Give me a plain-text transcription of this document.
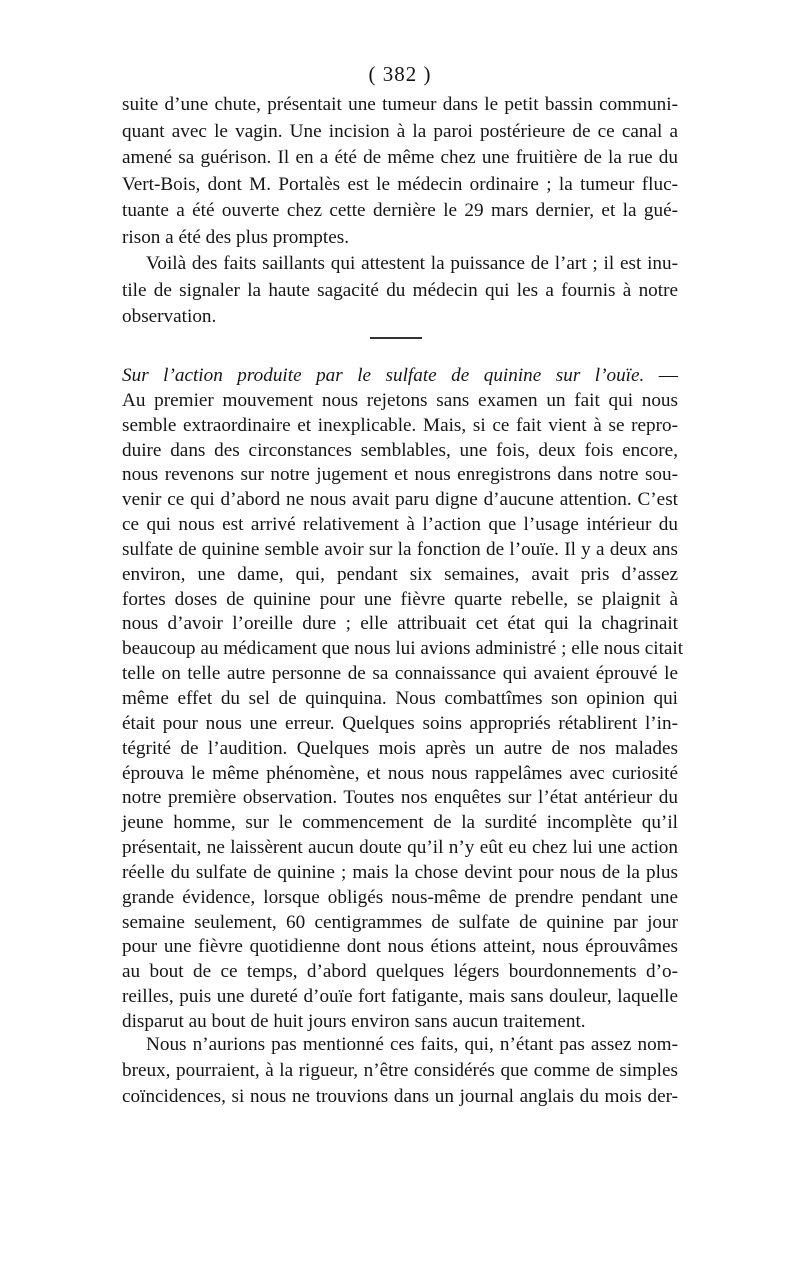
( 382 )
suite d’une chute, présentait une tumeur dans le petit bassin communi-
quant avec le vagin. Une incision à la paroi postérieure de ce canal a
amené sa guérison. Il en a été de même chez une fruitière de la rue du
Vert-Bois, dont M. Portalès est le médecin ordinaire ; la tumeur fluc-
tuante a été ouverte chez cette dernière le 29 mars dernier, et la gué-
rison a été des plus promptes.
Voilà des faits saillants qui attestent la puissance de l’art ; il est inu-
tile de signaler la haute sagacité du médecin qui les a fournis à notre
observation.
Sur l’action produite par le sulfate de quinine sur l’ouïe. —
Au premier mouvement nous rejetons sans examen un fait qui nous
semble extraordinaire et inexplicable. Mais, si ce fait vient à se repro-
duire dans des circonstances semblables, une fois, deux fois encore,
nous revenons sur notre jugement et nous enregistrons dans notre sou-
venir ce qui d’abord ne nous avait paru digne d’aucune attention. C’est
ce qui nous est arrivé relativement à l’action que l’usage intérieur du
sulfate de quinine semble avoir sur la fonction de l’ouïe. Il y a deux ans
environ, une dame, qui, pendant six semaines, avait pris d’assez
fortes doses de quinine pour une fièvre quarte rebelle, se plaignit à
nous d’avoir l’oreille dure ; elle attribuait cet état qui la chagrinait
beaucoup au médicament que nous lui avions administré ; elle nous citait
telle on telle autre personne de sa connaissance qui avaient éprouvé le
même effet du sel de quinquina. Nous combattîmes son opinion qui
était pour nous une erreur. Quelques soins appropriés rétablirent l’in-
tégrité de l’audition. Quelques mois après un autre de nos malades
éprouva le même phénomène, et nous nous rappelâmes avec curiosité
notre première observation. Toutes nos enquêtes sur l’état antérieur du
jeune homme, sur le commencement de la surdité incomplète qu’il
présentait, ne laissèrent aucun doute qu’il n’y eût eu chez lui une action
réelle du sulfate de quinine ; mais la chose devint pour nous de la plus
grande évidence, lorsque obligés nous-même de prendre pendant une
semaine seulement, 60 centigrammes de sulfate de quinine par jour
pour une fièvre quotidienne dont nous étions atteint, nous éprouvâmes
au bout de ce temps, d’abord quelques légers bourdonnements d’o-
reilles, puis une dureté d’ouïe fort fatigante, mais sans douleur, laquelle
disparut au bout de huit jours environ sans aucun traitement.
Nous n’aurions pas mentionné ces faits, qui, n’étant pas assez nom-
breux, pourraient, à la rigueur, n’être considérés que comme de simples
coïncidences, si nous ne trouvions dans un journal anglais du mois der-
